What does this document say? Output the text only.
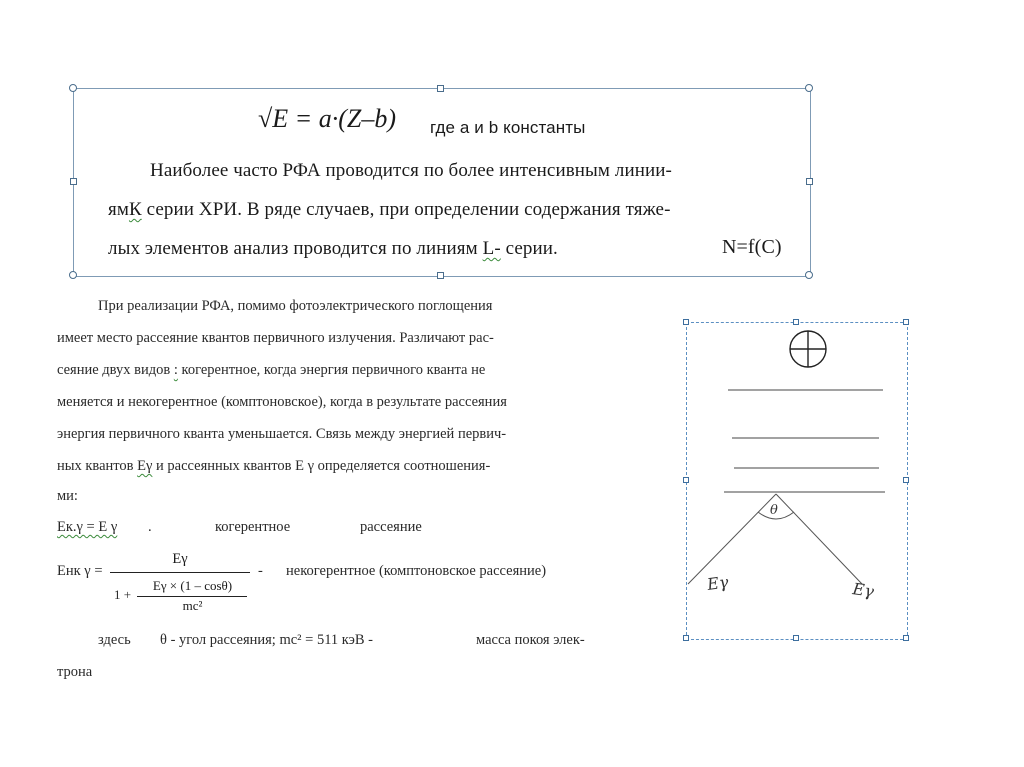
√E = a·(Z–b) где a и b константы
Наиболее часто РФА проводится по более интенсивным линии-
ямК серии ХРИ. В ряде случаев, при определении содержания тяже-
лых элементов анализ проводится по линиям L- серии.	N=f(C)
При реализации РФА, помимо фотоэлектрического поглощения
имеет место рассеяние квантов первичного излучения. Различают рас-
сеяние двух видов : когерентное, когда энергия первичного кванта не
меняется и некогерентное (комптоновское), когда в результате рассеяния
энергия первичного кванта уменьшается. Связь между энергией первич-
ных квантов Eγ и рассеянных квантов E γ определяется соотношения-
ми:
Eк.γ = E γ .	когерентное	рассеяние
Eнк γ =
Eγ
1 +
Eγ × (1 – cosθ)
mc²
- некогерентное (комптоновское рассеяние)
здесь θ - угол рассеяния; mc² = 511 кэВ -	масса покоя элек-
трона
θ
Eγ	Eγ
